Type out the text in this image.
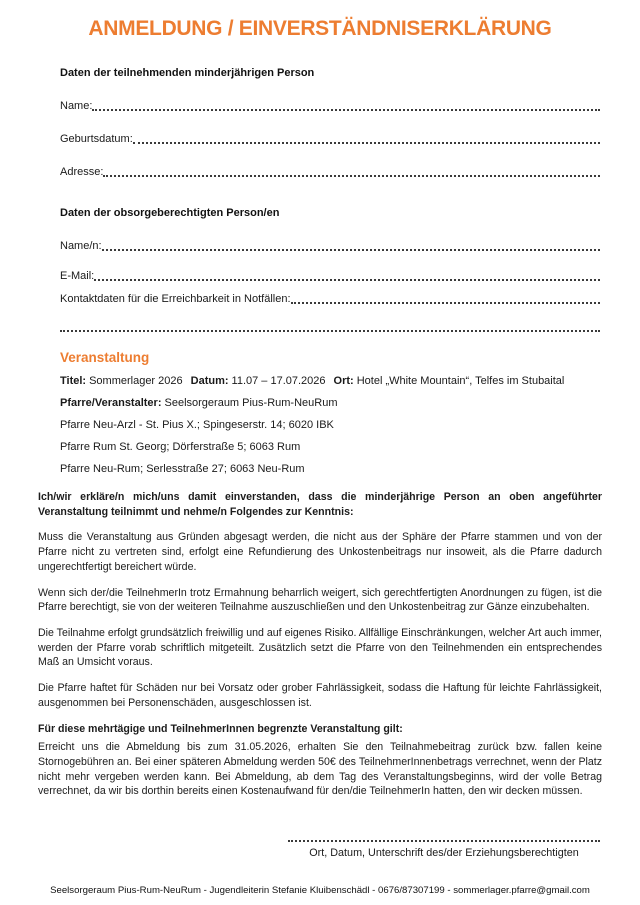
ANMELDUNG / EINVERSTÄNDNISERKLÄRUNG
Daten der teilnehmenden minderjährigen Person
Name:
Geburtsdatum:
Adresse:
Daten der obsorgeberechtigten Person/en
Name/n:
E-Mail:
Kontaktdaten für die Erreichbarkeit in Notfällen:
Veranstaltung
Titel: Sommerlager 2026 Datum: 11.07 – 17.07.2026 Ort: Hotel „White Mountain“, Telfes im Stubaital
Pfarre/Veranstalter: Seelsorgeraum Pius-Rum-NeuRum
Pfarre Neu-Arzl - St. Pius X.; Spingeserstr. 14; 6020 IBK
Pfarre Rum St. Georg; Dörferstraße 5; 6063 Rum
Pfarre Neu-Rum; Serlesstraße 27; 6063 Neu-Rum

Ich/wir erkläre/n mich/uns damit einverstanden, dass die minderjährige Person an oben angeführter Veranstaltung teilnimmt und nehme/n Folgendes zur Kenntnis:

Muss die Veranstaltung aus Gründen abgesagt werden, die nicht aus der Sphäre der Pfarre stammen und von der Pfarre nicht zu vertreten sind, erfolgt eine Refundierung des Unkostenbeitrags nur insoweit, als die Pfarre dadurch ungerechtfertigt bereichert würde.

Wenn sich der/die TeilnehmerIn trotz Ermahnung beharrlich weigert, sich gerechtfertigten Anordnungen zu fügen, ist die Pfarre berechtigt, sie von der weiteren Teilnahme auszuschließen und den Unkostenbeitrag zur Gänze einzubehalten.

Die Teilnahme erfolgt grundsätzlich freiwillig und auf eigenes Risiko. Allfällige Einschränkungen, welcher Art auch immer, werden der Pfarre vorab schriftlich mitgeteilt. Zusätzlich setzt die Pfarre von den Teilnehmenden ein entsprechendes Maß an Umsicht voraus.

Die Pfarre haftet für Schäden nur bei Vorsatz oder grober Fahrlässigkeit, sodass die Haftung für leichte Fahrlässigkeit, ausgenommen bei Personenschäden, ausgeschlossen ist.

Für diese mehrtägige und TeilnehmerInnen begrenzte Veranstaltung gilt:

Erreicht uns die Abmeldung bis zum 31.05.2026, erhalten Sie den Teilnahmebeitrag zurück bzw. fallen keine Stornogebühren an. Bei einer späteren Abmeldung werden 50€ des TeilnehmerInnenbetrags verrechnet, wenn der Platz nicht mehr vergeben werden kann. Bei Abmeldung, ab dem Tag des Veranstaltungsbeginns, wird der volle Betrag verrechnet, da wir bis dorthin bereits einen Kostenaufwand für den/die TeilnehmerIn hatten, den wir decken müssen.

Ort, Datum, Unterschrift des/der Erziehungsberechtigten
Seelsorgeraum Pius-Rum-NeuRum - Jugendleiterin Stefanie Kluibenschädl - 0676/87307199 - sommerlager.pfarre@gmail.com
